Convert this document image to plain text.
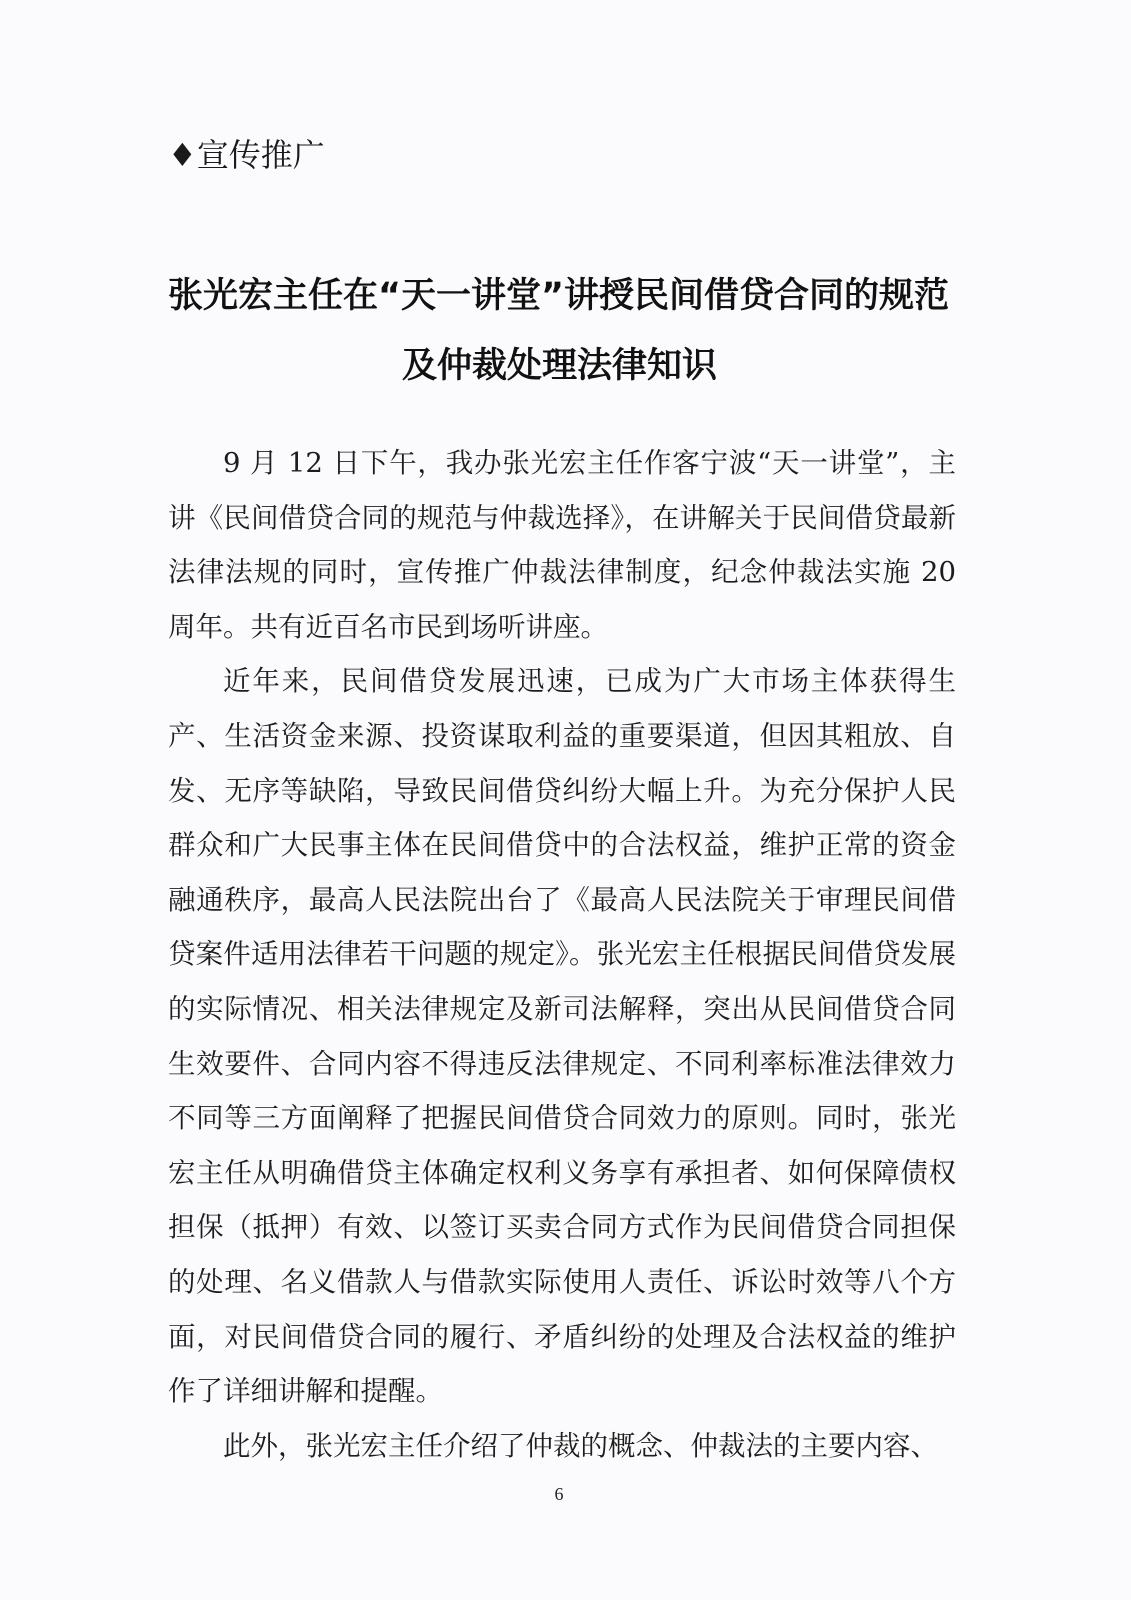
♦宣传推广
张光宏主任在“天一讲堂”讲授民间借贷合同的规范
及仲裁处理法律知识

9 月 12 日下午，我办张光宏主任作客宁波“天一讲堂”，主讲《民间借贷合同的规范与仲裁选择》，在讲解关于民间借贷最新法律法规的同时，宣传推广仲裁法律制度，纪念仲裁法实施 20 周年。共有近百名市民到场听讲座。

近年来，民间借贷发展迅速，已成为广大市场主体获得生产、生活资金来源、投资谋取利益的重要渠道，但因其粗放、自发、无序等缺陷，导致民间借贷纠纷大幅上升。为充分保护人民群众和广大民事主体在民间借贷中的合法权益，维护正常的资金融通秩序，最高人民法院出台了《最高人民法院关于审理民间借贷案件适用法律若干问题的规定》。张光宏主任根据民间借贷发展的实际情况、相关法律规定及新司法解释，突出从民间借贷合同生效要件、合同内容不得违反法律规定、不同利率标准法律效力不同等三方面阐释了把握民间借贷合同效力的原则。同时，张光宏主任从明确借贷主体确定权利义务享有承担者、如何保障债权担保（抵押）有效、以签订买卖合同方式作为民间借贷合同担保的处理、名义借款人与借款实际使用人责任、诉讼时效等八个方面，对民间借贷合同的履行、矛盾纠纷的处理及合法权益的维护作了详细讲解和提醒。

此外，张光宏主任介绍了仲裁的概念、仲裁法的主要内容、

6
